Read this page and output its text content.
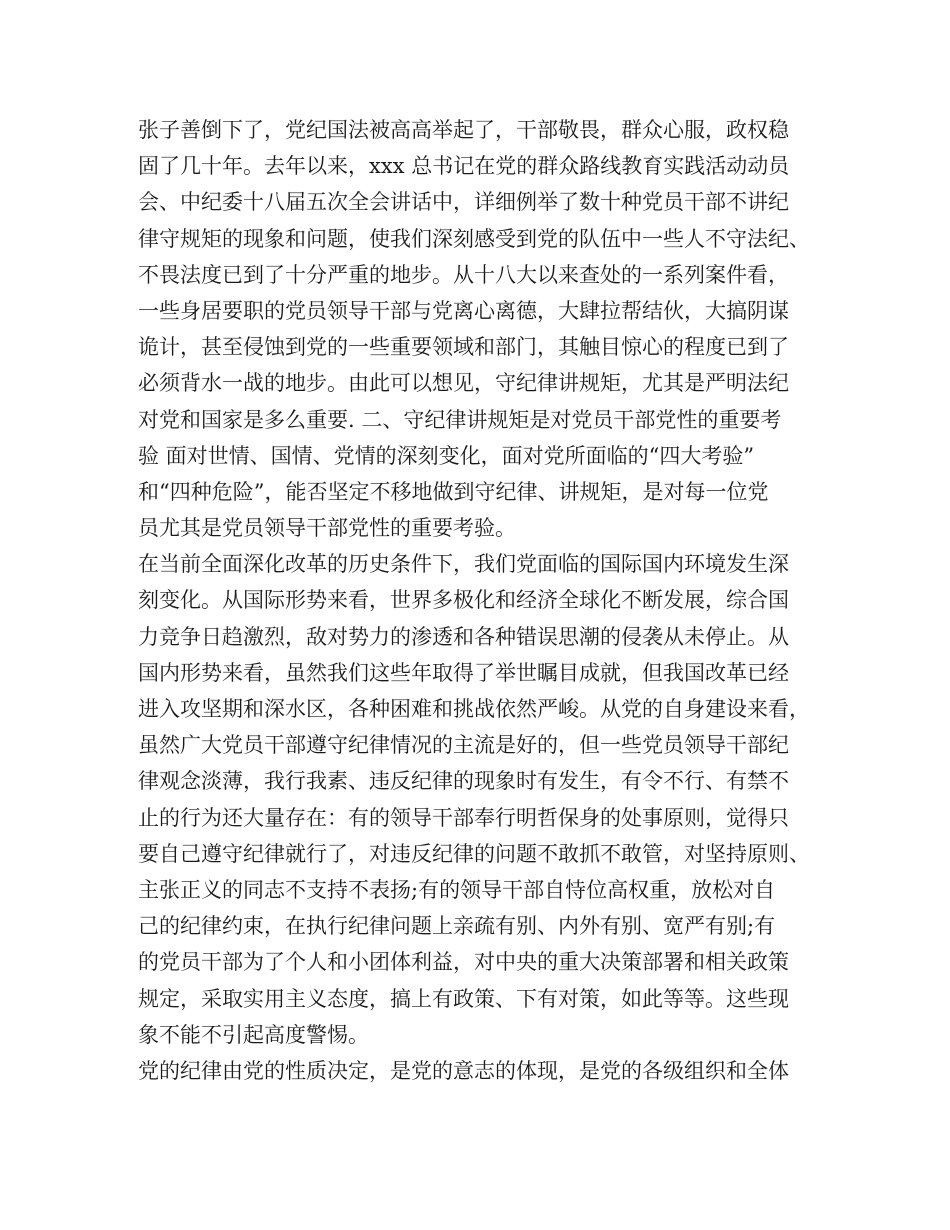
张子善倒下了，党纪国法被高高举起了，干部敬畏，群众心服，政权稳
固了几十年。去年以来，xxx 总书记在党的群众路线教育实践活动动员
会、中纪委十八届五次全会讲话中，详细例举了数十种党员干部不讲纪
律守规矩的现象和问题，使我们深刻感受到党的队伍中一些人不守法纪、
不畏法度已到了十分严重的地步。从十八大以来查处的一系列案件看，
一些身居要职的党员领导干部与党离心离德，大肆拉帮结伙，大搞阴谋
诡计，甚至侵蚀到党的一些重要领域和部门，其触目惊心的程度已到了
必须背水一战的地步。由此可以想见，守纪律讲规矩，尤其是严明法纪
对党和国家是多么重要. 二、守纪律讲规矩是对党员干部党性的重要考
验 面对世情、国情、党情的深刻变化，面对党所面临的“四大考验”
和“四种危险”，能否坚定不移地做到守纪律、讲规矩，是对每一位党
员尤其是党员领导干部党性的重要考验。
在当前全面深化改革的历史条件下，我们党面临的国际国内环境发生深
刻变化。从国际形势来看，世界多极化和经济全球化不断发展，综合国
力竞争日趋激烈，敌对势力的渗透和各种错误思潮的侵袭从未停止。从
国内形势来看，虽然我们这些年取得了举世瞩目成就，但我国改革已经
进入攻坚期和深水区，各种困难和挑战依然严峻。从党的自身建设来看，
虽然广大党员干部遵守纪律情况的主流是好的，但一些党员领导干部纪
律观念淡薄，我行我素、违反纪律的现象时有发生，有令不行、有禁不
止的行为还大量存在：有的领导干部奉行明哲保身的处事原则，觉得只
要自己遵守纪律就行了，对违反纪律的问题不敢抓不敢管，对坚持原则、
主张正义的同志不支持不表扬;有的领导干部自恃位高权重，放松对自
己的纪律约束，在执行纪律问题上亲疏有别、内外有别、宽严有别;有
的党员干部为了个人和小团体利益，对中央的重大决策部署和相关政策
规定，采取实用主义态度，搞上有政策、下有对策，如此等等。这些现
象不能不引起高度警惕。
党的纪律由党的性质决定，是党的意志的体现，是党的各级组织和全体
